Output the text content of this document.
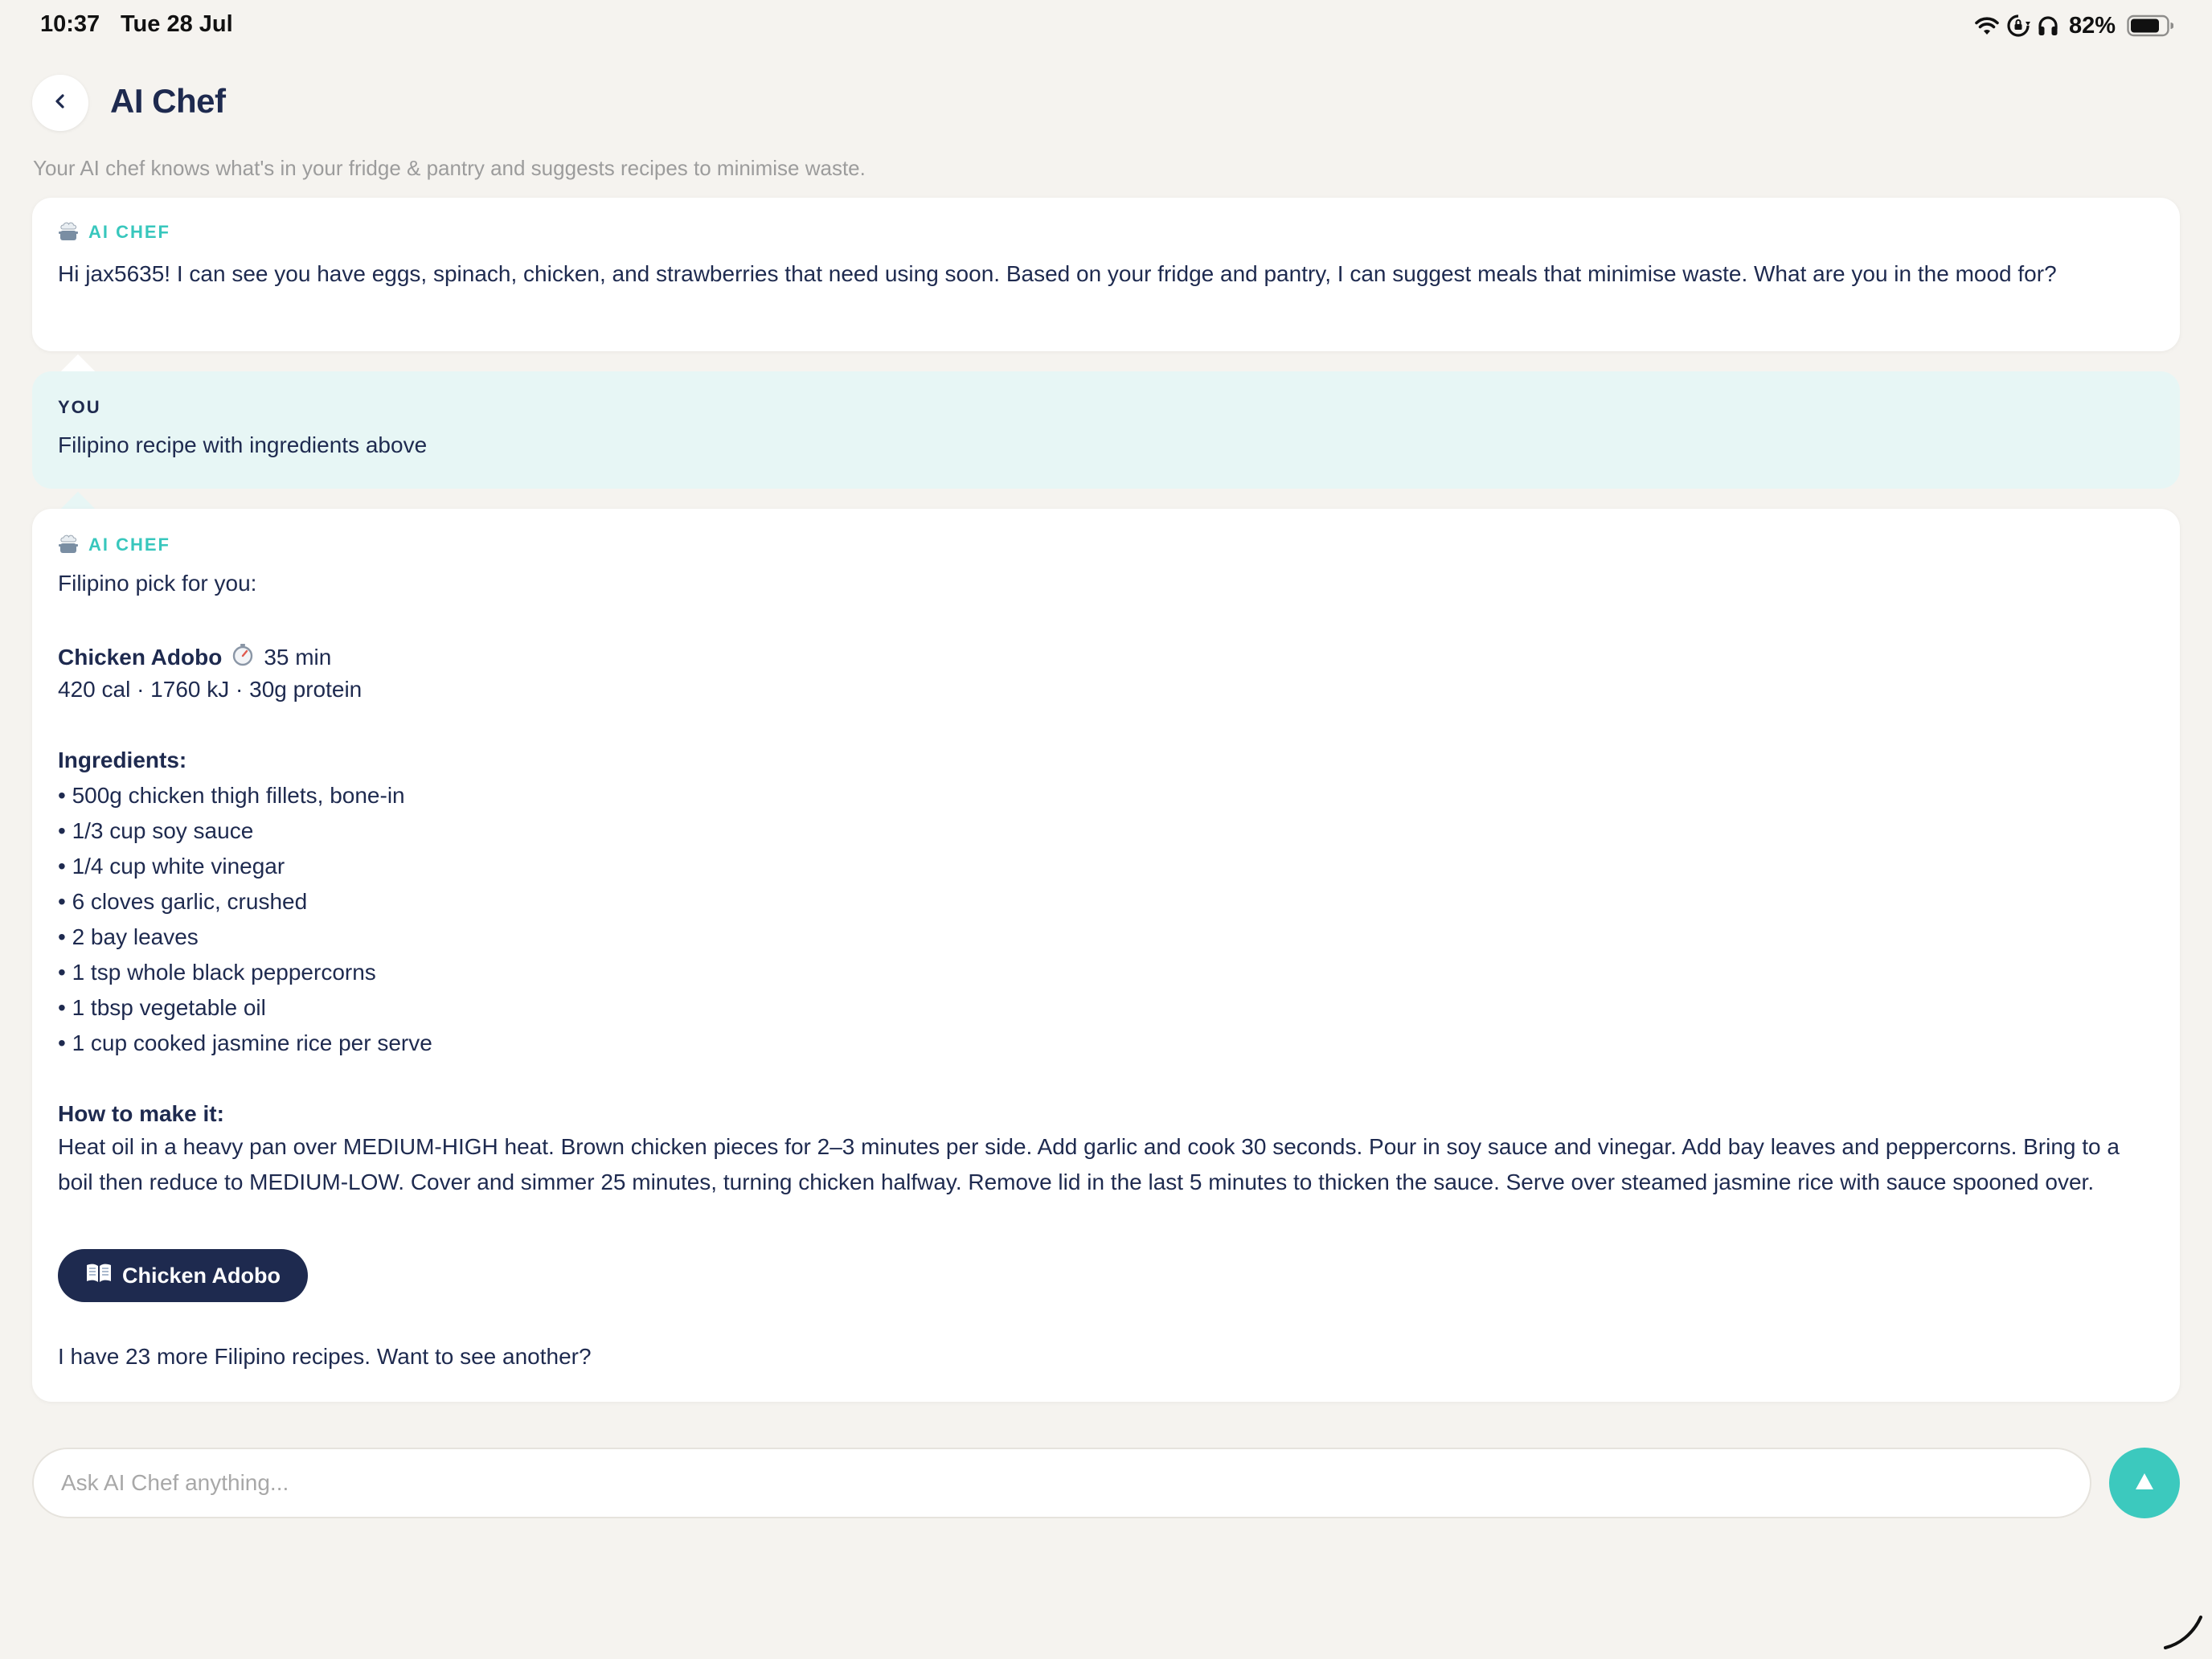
10:37 Tue 28 Jul	82%
AI Chef
Your AI chef knows what's in your fridge & pantry and suggests recipes to minimise waste.
AI CHEF
Hi jax5635! I can see you have eggs, spinach, chicken, and strawberries that need using soon. Based on your fridge and pantry, I can suggest meals that minimise waste. What are you in the mood for?
YOU
Filipino recipe with ingredients above
AI CHEF
Filipino pick for you:
Chicken Adobo 35 min
420 cal · 1760 kJ · 30g protein
Ingredients:
• 500g chicken thigh fillets, bone-in
• 1/3 cup soy sauce
• 1/4 cup white vinegar
• 6 cloves garlic, crushed
• 2 bay leaves
• 1 tsp whole black peppercorns
• 1 tbsp vegetable oil
• 1 cup cooked jasmine rice per serve
How to make it:
Heat oil in a heavy pan over MEDIUM-HIGH heat. Brown chicken pieces for 2–3 minutes per side. Add garlic and cook 30 seconds. Pour in soy sauce and vinegar. Add bay leaves and peppercorns. Bring to a boil then reduce to MEDIUM-LOW. Cover and simmer 25 minutes, turning chicken halfway. Remove lid in the last 5 minutes to thicken the sauce. Serve over steamed jasmine rice with sauce spooned over.
Chicken Adobo
I have 23 more Filipino recipes. Want to see another?
Ask AI Chef anything...
